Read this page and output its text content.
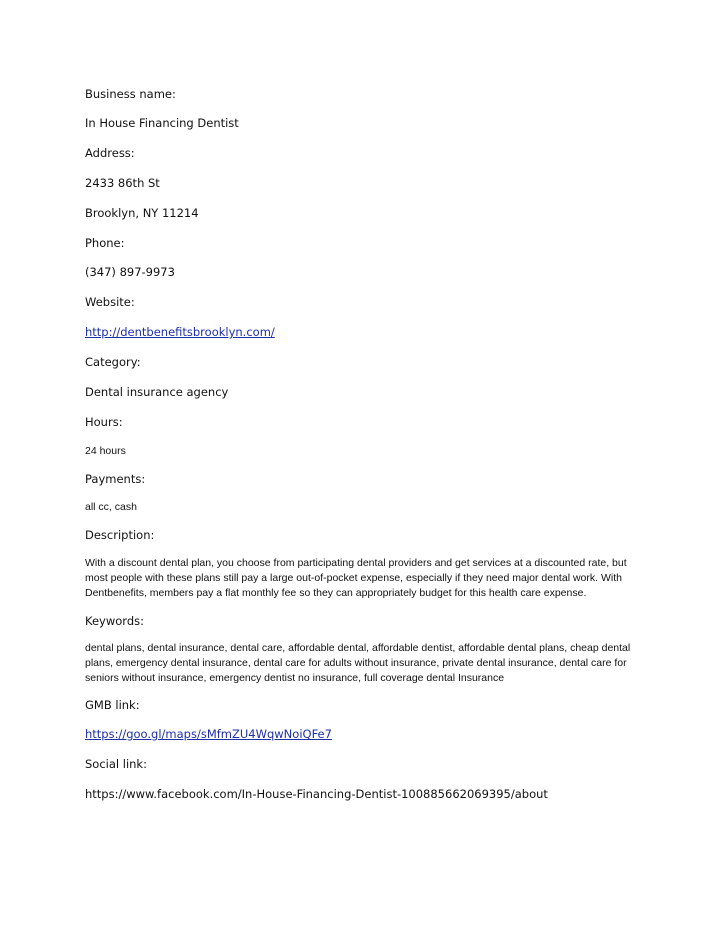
Business name:

In House Financing Dentist

Address:

2433 86th St

Brooklyn, NY 11214

Phone:

(347) 897-9973

Website:

http://dentbenefitsbrooklyn.com/

Category:

Dental insurance agency

Hours:

24 hours

Payments:

all cc, cash

Description:

With a discount dental plan, you choose from participating dental providers and get services at a discounted rate, but most people with these plans still pay a large out-of-pocket expense, especially if they need major dental work. With Dentbenefits, members pay a flat monthly fee so they can appropriately budget for this health care expense.

Keywords:

dental plans, dental insurance, dental care, affordable dental, affordable dentist, affordable dental plans, cheap dental plans, emergency dental insurance, dental care for adults without insurance, private dental insurance, dental care for seniors without insurance, emergency dentist no insurance, full coverage dental Insurance

GMB link:

https://goo.gl/maps/sMfmZU4WqwNoiQFe7

Social link:

https://www.facebook.com/In-House-Financing-Dentist-100885662069395/about
